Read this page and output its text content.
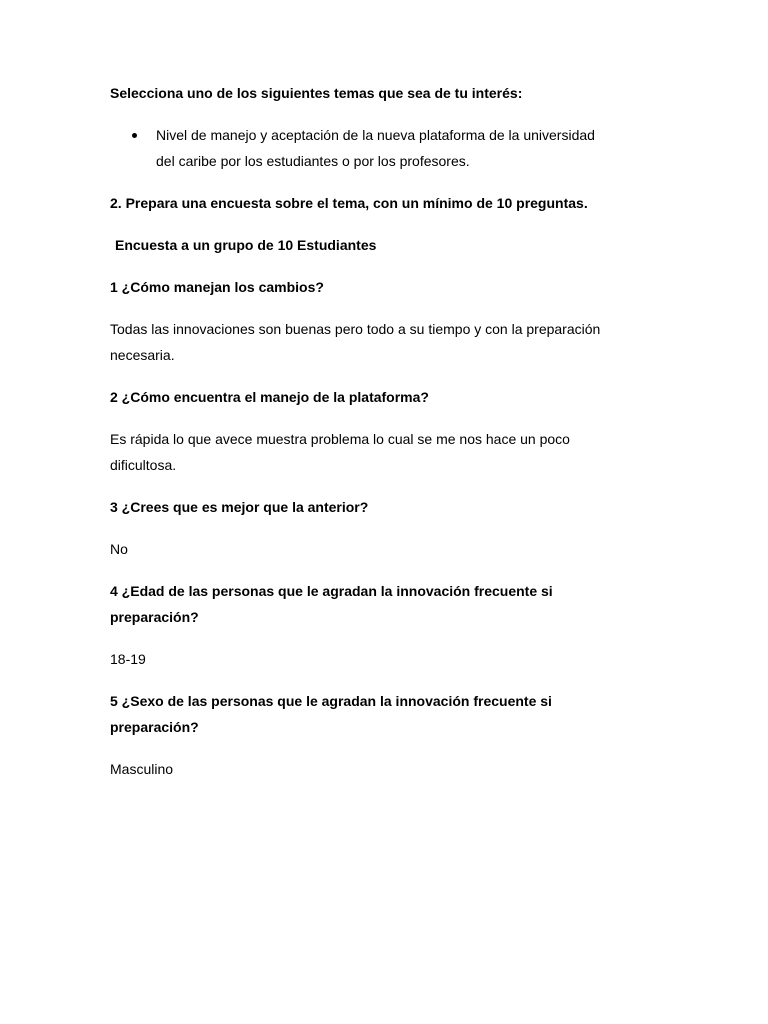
Selecciona uno de los siguientes temas que sea de tu interés:

Nivel de manejo y aceptación de la nueva plataforma de la universidad
del caribe por los estudiantes o por los profesores.

2. Prepara una encuesta sobre el tema, con un mínimo de 10 preguntas.

Encuesta a un grupo de 10 Estudiantes

1 ¿Cómo manejan los cambios?

Todas las innovaciones son buenas pero todo a su tiempo y con la preparación

necesaria.

2 ¿Cómo encuentra el manejo de la plataforma?

Es rápida lo que avece muestra problema lo cual se me nos hace un poco

dificultosa.

3 ¿Crees que es mejor que la anterior?

No

4 ¿Edad de las personas que le agradan la innovación frecuente si

preparación?

18-19

5 ¿Sexo de las personas que le agradan la innovación frecuente si

preparación?

Masculino
